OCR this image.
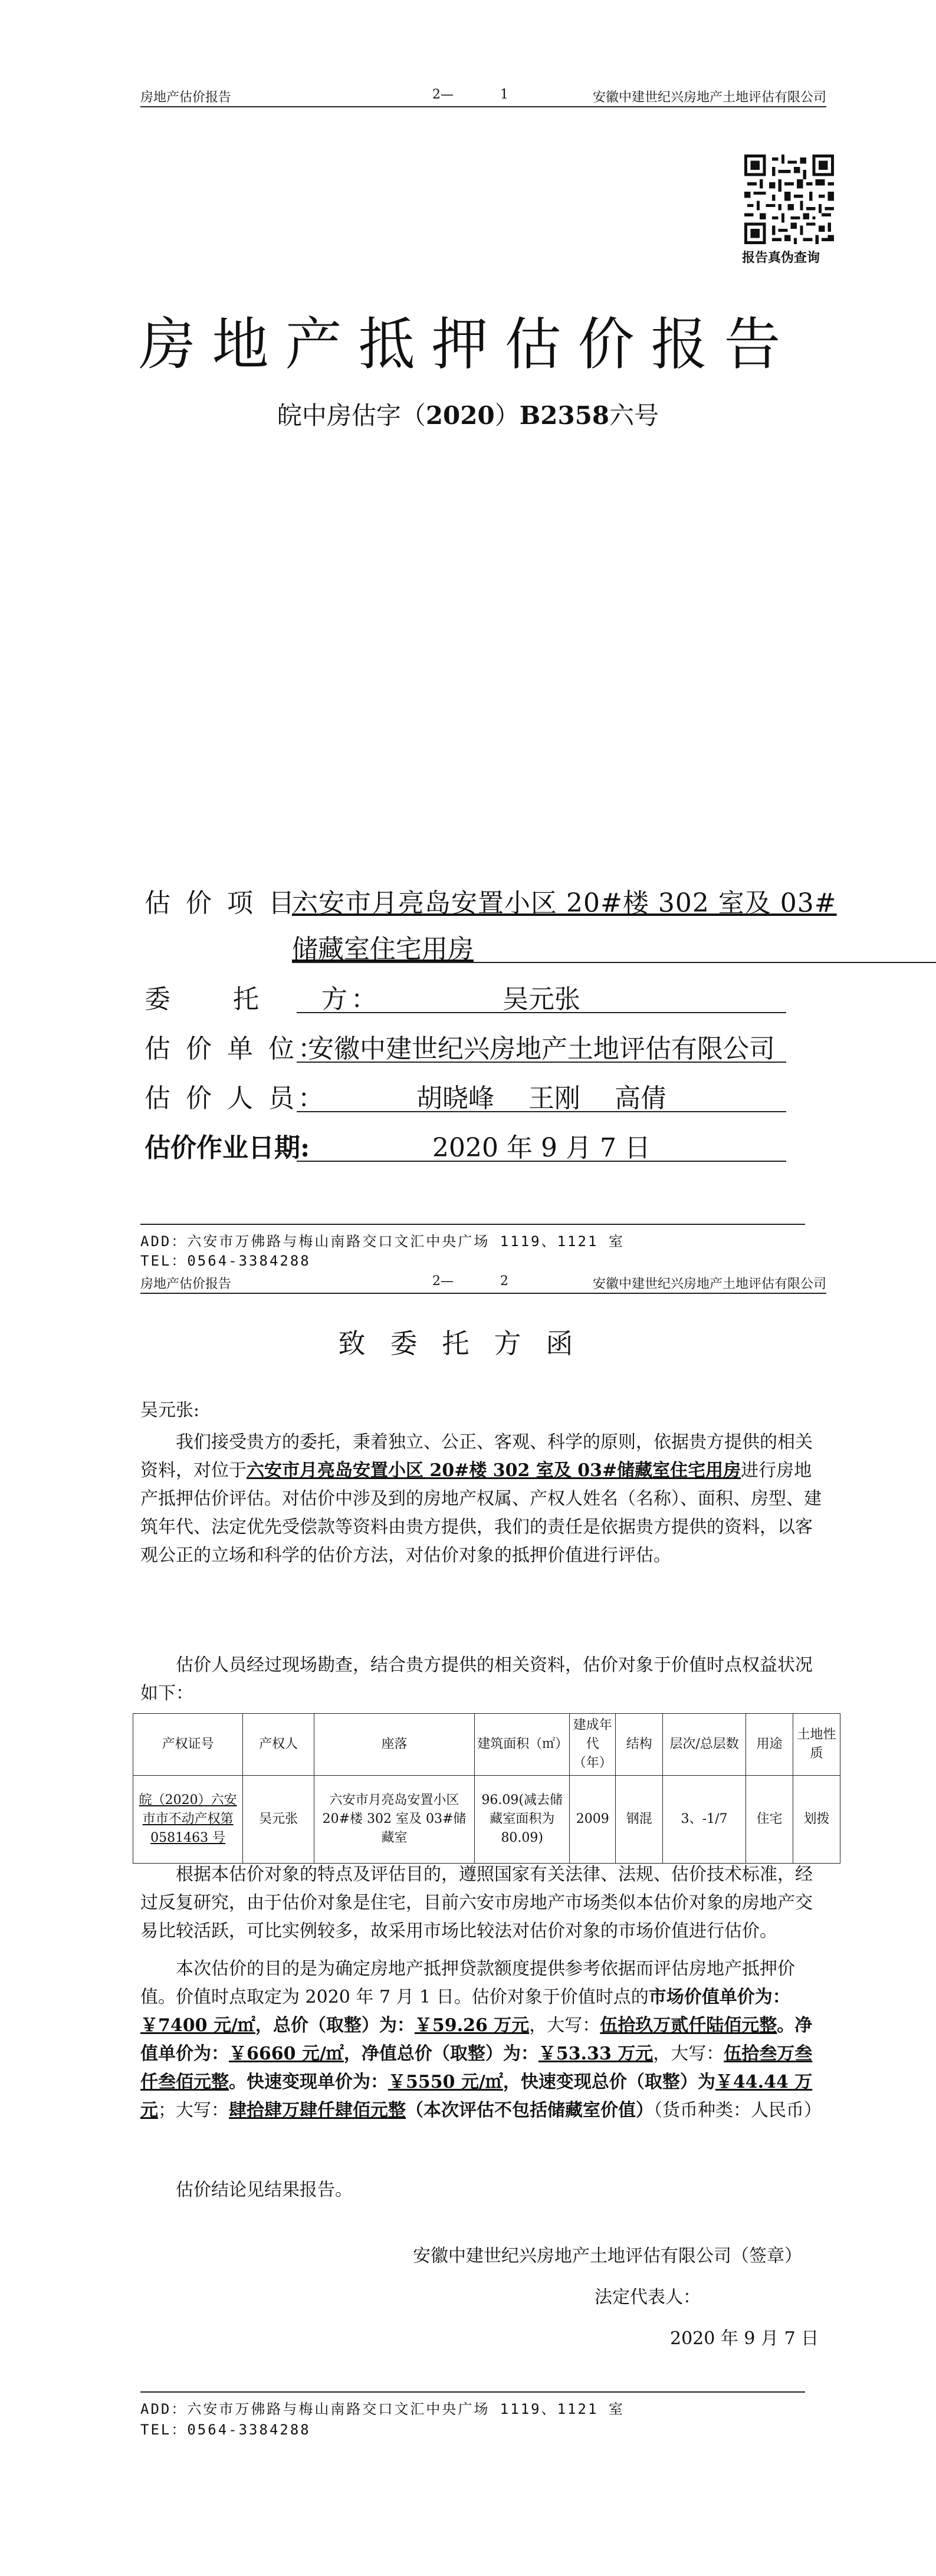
房地产估价报告	2—	1	安徽中建世纪兴房地产土地评估有限公司
报告真伪查询
房地产抵押估价报告
皖中房估字（2020）B2358六号
估 价 项 目：
六安市月亮岛安置小区 20#楼 302 室及 03#
储藏室住宅用房
委　　托　　方：	吴元张
估 价 单 位：
安徽中建世纪兴房地产土地评估有限公司
估 价 人 员：	胡晓峰　 王刚　 高倩
估价作业日期:	2020 年 9 月 7 日
ADD：六安市万佛路与梅山南路交口文汇中央广场 1119、1121 室
TEL：0564-3384288
房地产估价报告	2—	2	安徽中建世纪兴房地产土地评估有限公司
致委托方函
吴元张:
我们接受贵方的委托，秉着独立、公正、客观、科学的原则，依据贵方提供的相关资料，对位于六安市月亮岛安置小区 20#楼 302 室及 03#储藏室住宅用房进行房地产抵押估价评估。对估价中涉及到的房地产权属、产权人姓名（名称）、面积、房型、建筑年代、法定优先受偿款等资料由贵方提供，我们的责任是依据贵方提供的资料，以客观公正的立场和科学的估价方法，对估价对象的抵押价值进行评估。
估价人员经过现场勘查，结合贵方提供的相关资料，估价对象于价值时点权益状况如下：
产权证号	产权人	座落	建筑面积（㎡）	建成年代（年）	结构	层次/总层数	用途	土地性质
皖（2020）六安市市不动产权第 0581463 号	吴元张	六安市月亮岛安置小区 20#楼 302 室及 03#储藏室	96.09(减去储藏室面积为 80.09)	2009	钢混	3、-1/7	住宅	划拨
根据本估价对象的特点及评估目的，遵照国家有关法律、法规、估价技术标准，经过反复研究，由于估价对象是住宅，目前六安市房地产市场类似本估价对象的房地产交易比较活跃，可比实例较多，故采用市场比较法对估价对象的市场价值进行估价。
本次估价的目的是为确定房地产抵押贷款额度提供参考依据而评估房地产抵押价值。价值时点取定为 2020 年 7 月 1 日。估价对象于价值时点的市场价值单价为：￥7400 元/㎡，总价（取整）为：￥59.26 万元，大写：伍拾玖万贰仟陆佰元整。净值单价为：￥6660 元/㎡，净值总价（取整）为：￥53.33 万元，大写：伍拾叁万叁仟叁佰元整。快速变现单价为：￥5550 元/㎡，快速变现总价（取整）为￥44.44 万元；大写：肆拾肆万肆仟肆佰元整（本次评估不包括储藏室价值）（货币种类：人民币）
估价结论见结果报告。
安徽中建世纪兴房地产土地评估有限公司（签章）
法定代表人：
2020 年 9 月 7 日
ADD：六安市万佛路与梅山南路交口文汇中央广场 1119、1121 室
TEL：0564-3384288
